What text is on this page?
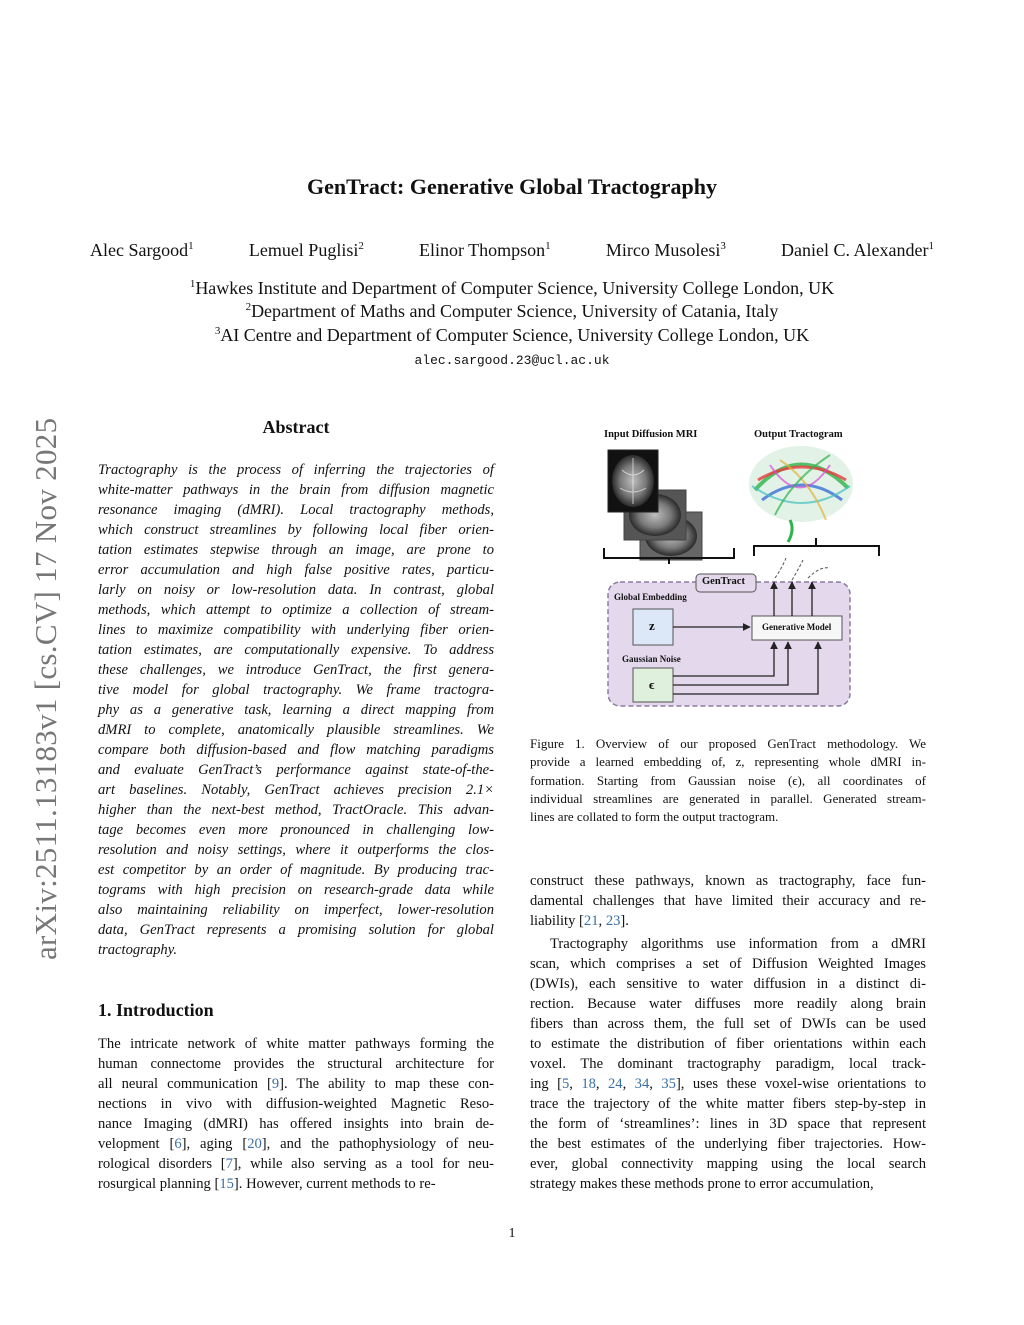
arXiv:2511.13183v1 [cs.CV] 17 Nov 2025
GenTract: Generative Global Tractography
Alec Sargood$^1$	Lemuel Puglisi$^2$	Elinor Thompson$^1$	Mirco Musolesi$^3$	Daniel C. Alexander$^1$
$^1$Hawkes Institute and Department of Computer Science, University College London, UK
$^2$Department of Maths and Computer Science, University of Catania, Italy
$^3$AI Centre and Department of Computer Science, University College London, UK
alec.sargood.23@ucl.ac.uk
Abstract
Tractography is the process of inferring the trajectories of
white-matter pathways in the brain from diffusion magnetic
resonance imaging (dMRI). Local tractography methods,
which construct streamlines by following local fiber orien-
tation estimates stepwise through an image, are prone to
error accumulation and high false positive rates, particu-
larly on noisy or low-resolution data. In contrast, global
methods, which attempt to optimize a collection of stream-
lines to maximize compatibility with underlying fiber orien-
tation estimates, are computationally expensive. To address
these challenges, we introduce GenTract, the first genera-
tive model for global tractography. We frame tractogra-
phy as a generative task, learning a direct mapping from
dMRI to complete, anatomically plausible streamlines. We
compare both diffusion-based and flow matching paradigms
and evaluate GenTract’s performance against state-of-the-
art baselines. Notably, GenTract achieves precision 2.1×
higher than the next-best method, TractOracle. This advan-
tage becomes even more pronounced in challenging low-
resolution and noisy settings, where it outperforms the clos-
est competitor by an order of magnitude. By producing trac-
tograms with high precision on research-grade data while
also maintaining reliability on imperfect, lower-resolution
data, GenTract represents a promising solution for global
tractography.
1. Introduction
The intricate network of white matter pathways forming the
human connectome provides the structural architecture for
all neural communication [9]. The ability to map these con-
nections in vivo with diffusion-weighted Magnetic Reso-
nance Imaging (dMRI) has offered insights into brain de-
velopment [6], aging [20], and the pathophysiology of neu-
rological disorders [7], while also serving as a tool for neu-
rosurgical planning [15]. However, current methods to re-
Input Diffusion MRI	Output Tractogram
GenTract
Global Embedding
z
Gaussian Noise
ϵ
Generative Model
Figure 1. Overview of our proposed GenTract methodology. We
provide a learned embedding of, z, representing whole dMRI in-
formation. Starting from Gaussian noise (ϵ), all coordinates of
individual streamlines are generated in parallel. Generated stream-
lines are collated to form the output tractogram.
construct these pathways, known as tractography, face fun-
damental challenges that have limited their accuracy and re-
liability [21, 23].
Tractography algorithms use information from a dMRI
scan, which comprises a set of Diffusion Weighted Images
(DWIs), each sensitive to water diffusion in a distinct di-
rection. Because water diffuses more readily along brain
fibers than across them, the full set of DWIs can be used
to estimate the distribution of fiber orientations within each
voxel. The dominant tractography paradigm, local track-
ing [5, 18, 24, 34, 35], uses these voxel-wise orientations to
trace the trajectory of the white matter fibers step-by-step in
the form of ‘streamlines’: lines in 3D space that represent
the best estimates of the underlying fiber trajectories. How-
ever, global connectivity mapping using the local search
strategy makes these methods prone to error accumulation,
1
